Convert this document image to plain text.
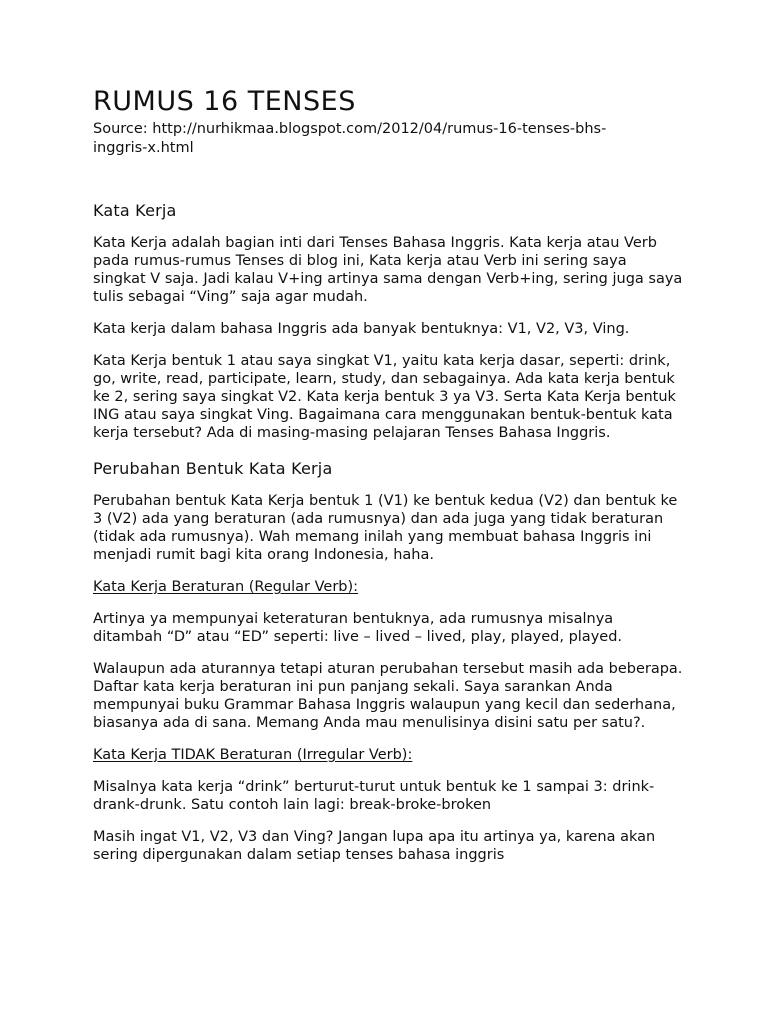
RUMUS 16 TENSES

Source: http://nurhikmaa.blogspot.com/2012/04/rumus-16-tenses-bhs-inggris-x.html

Kata Kerja

Kata Kerja adalah bagian inti dari Tenses Bahasa Inggris. Kata kerja atau Verb pada rumus-rumus Tenses di blog ini, Kata kerja atau Verb ini sering saya singkat V saja. Jadi kalau V+ing artinya sama dengan Verb+ing, sering juga saya tulis sebagai “Ving” saja agar mudah.

Kata kerja dalam bahasa Inggris ada banyak bentuknya: V1, V2, V3, Ving.

Kata Kerja bentuk 1 atau saya singkat V1, yaitu kata kerja dasar, seperti: drink, go, write, read, participate, learn, study, dan sebagainya. Ada kata kerja bentuk ke 2, sering saya singkat V2. Kata kerja bentuk 3 ya V3. Serta Kata Kerja bentuk ING atau saya singkat Ving. Bagaimana cara menggunakan bentuk-bentuk kata kerja tersebut? Ada di masing-masing pelajaran Tenses Bahasa Inggris.

Perubahan Bentuk Kata Kerja

Perubahan bentuk Kata Kerja bentuk 1 (V1) ke bentuk kedua (V2) dan bentuk ke 3 (V2) ada yang beraturan (ada rumusnya) dan ada juga yang tidak beraturan (tidak ada rumusnya). Wah memang inilah yang membuat bahasa Inggris ini menjadi rumit bagi kita orang Indonesia, haha.

Kata Kerja Beraturan (Regular Verb):

Artinya ya mempunyai keteraturan bentuknya, ada rumusnya misalnya ditambah “D” atau “ED” seperti: live – lived – lived, play, played, played.

Walaupun ada aturannya tetapi aturan perubahan tersebut masih ada beberapa. Daftar kata kerja beraturan ini pun panjang sekali. Saya sarankan Anda mempunyai buku Grammar Bahasa Inggris walaupun yang kecil dan sederhana, biasanya ada di sana. Memang Anda mau menulisinya disini satu per satu?.

Kata Kerja TIDAK Beraturan (Irregular Verb):

Misalnya kata kerja “drink” berturut-turut untuk bentuk ke 1 sampai 3: drink-drank-drunk. Satu contoh lain lagi: break-broke-broken

Masih ingat V1, V2, V3 dan Ving? Jangan lupa apa itu artinya ya, karena akan sering dipergunakan dalam setiap tenses bahasa inggris
